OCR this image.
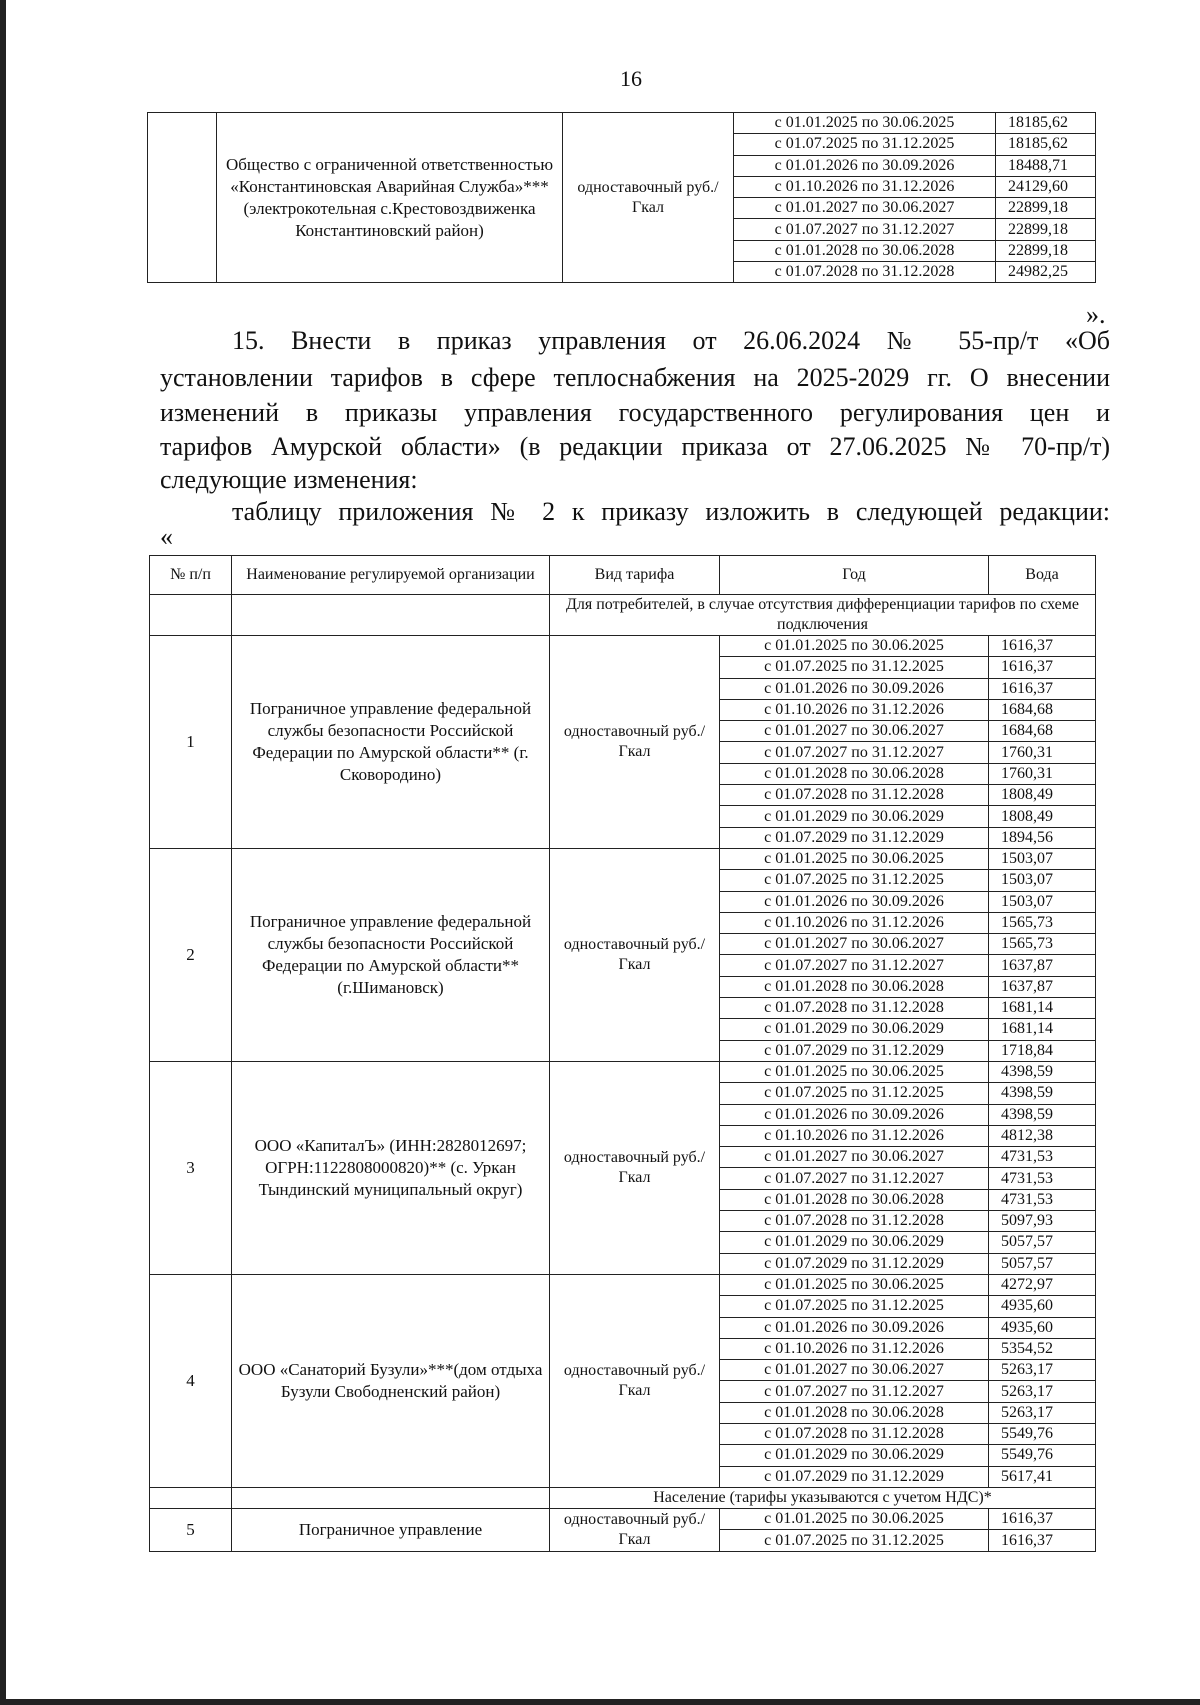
16
	Общество с ограниченной ответственностью «Константиновская Аварийная Служба»*** (электрокотельная с.Крестовоздвиженка Константиновский район)	одноставочный руб./Гкал	с 01.01.2025 по 30.06.2025	18185,62
			с 01.07.2025 по 31.12.2025	18185,62
			с 01.01.2026 по 30.09.2026	18488,71
			с 01.10.2026 по 31.12.2026	24129,60
			с 01.01.2027 по 30.06.2027	22899,18
			с 01.07.2027 по 31.12.2027	22899,18
			с 01.01.2028 по 30.06.2028	22899,18
			с 01.07.2028 по 31.12.2028	24982,25
».
15. Внести в приказ управления от 26.06.2024 № 55-пр/т «Об
установлении тарифов в сфере теплоснабжения на 2025-2029 гг. О внесении
изменений в приказы управления государственного регулирования цен и
тарифов Амурской области» (в редакции приказа от 27.06.2025 № 70-пр/т)
следующие изменения:
таблицу приложения № 2 к приказу изложить в следующей редакции:
«
№ п/п	Наименование регулируемой организации	Вид тарифа	Год	Вода
		Для потребителей, в случае отсутствия дифференциации тарифов по схеме подключения		
1	Пограничное управление федеральной службы безопасности Российской Федерации по Амурской области** (г. Сковородино)	одноставочный руб./Гкал	с 01.01.2025 по 30.06.2025	1616,37
			с 01.07.2025 по 31.12.2025	1616,37
			с 01.01.2026 по 30.09.2026	1616,37
			с 01.10.2026 по 31.12.2026	1684,68
			с 01.01.2027 по 30.06.2027	1684,68
			с 01.07.2027 по 31.12.2027	1760,31
			с 01.01.2028 по 30.06.2028	1760,31
			с 01.07.2028 по 31.12.2028	1808,49
			с 01.01.2029 по 30.06.2029	1808,49
			с 01.07.2029 по 31.12.2029	1894,56
2	Пограничное управление федеральной службы безопасности Российской Федерации по Амурской области** (г.Шимановск)	одноставочный руб./Гкал	с 01.01.2025 по 30.06.2025	1503,07
			с 01.07.2025 по 31.12.2025	1503,07
			с 01.01.2026 по 30.09.2026	1503,07
			с 01.10.2026 по 31.12.2026	1565,73
			с 01.01.2027 по 30.06.2027	1565,73
			с 01.07.2027 по 31.12.2027	1637,87
			с 01.01.2028 по 30.06.2028	1637,87
			с 01.07.2028 по 31.12.2028	1681,14
			с 01.01.2029 по 30.06.2029	1681,14
			с 01.07.2029 по 31.12.2029	1718,84
3	ООО «КапиталЪ» (ИНН:2828012697; ОГРН:1122808000820)** (с. Уркан Тындинский муниципальный округ)	одноставочный руб./Гкал	с 01.01.2025 по 30.06.2025	4398,59
			с 01.07.2025 по 31.12.2025	4398,59
			с 01.01.2026 по 30.09.2026	4398,59
			с 01.10.2026 по 31.12.2026	4812,38
			с 01.01.2027 по 30.06.2027	4731,53
			с 01.07.2027 по 31.12.2027	4731,53
			с 01.01.2028 по 30.06.2028	4731,53
			с 01.07.2028 по 31.12.2028	5097,93
			с 01.01.2029 по 30.06.2029	5057,57
			с 01.07.2029 по 31.12.2029	5057,57
4	ООО «Санаторий Бузули»***(дом отдыха Бузули Свободненский район)	одноставочный руб./Гкал	с 01.01.2025 по 30.06.2025	4272,97
			с 01.07.2025 по 31.12.2025	4935,60
			с 01.01.2026 по 30.09.2026	4935,60
			с 01.10.2026 по 31.12.2026	5354,52
			с 01.01.2027 по 30.06.2027	5263,17
			с 01.07.2027 по 31.12.2027	5263,17
			с 01.01.2028 по 30.06.2028	5263,17
			с 01.07.2028 по 31.12.2028	5549,76
			с 01.01.2029 по 30.06.2029	5549,76
			с 01.07.2029 по 31.12.2029	5617,41
		Население (тарифы указываются с учетом НДС)*		
5	Пограничное управление	одноставочный руб./Гкал	с 01.01.2025 по 30.06.2025	1616,37
			с 01.07.2025 по 31.12.2025	1616,37
